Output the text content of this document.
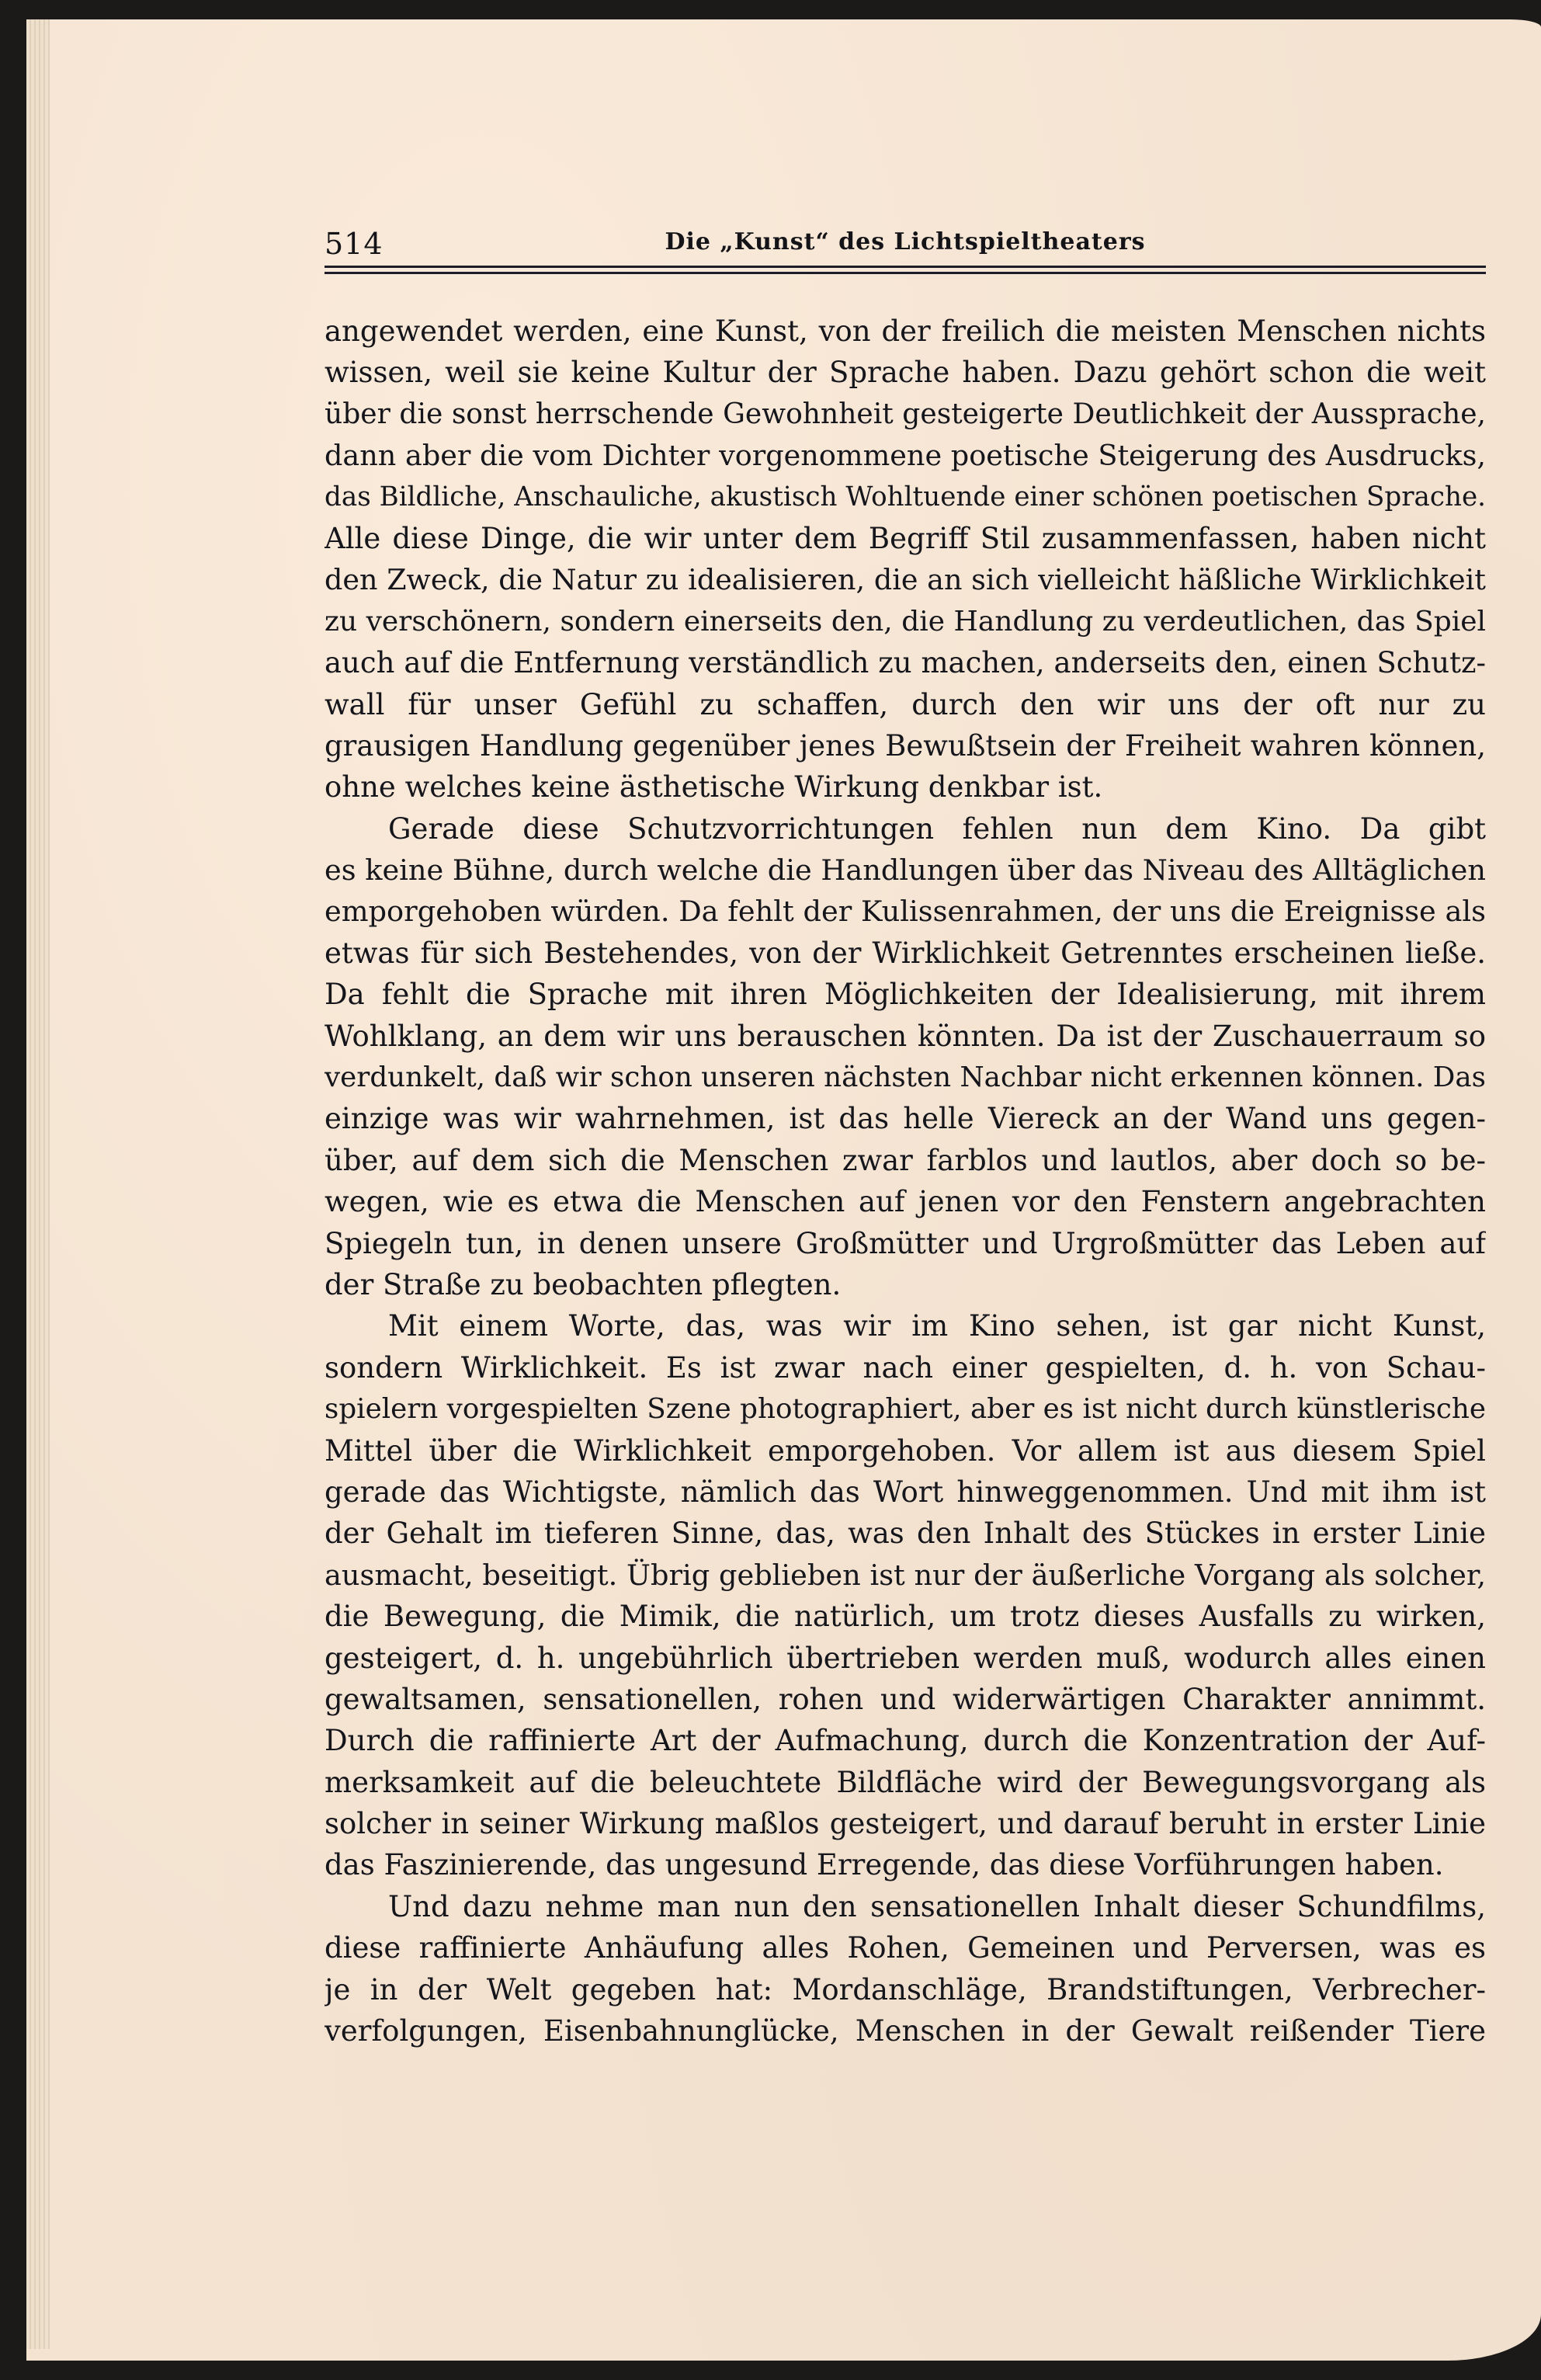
514	Die „Kunst“ des Lichtspieltheaters
angewendet werden, eine Kunst, von der freilich die meisten Menschen nichts
wissen, weil sie keine Kultur der Sprache haben. Dazu gehört schon die weit
über die sonst herrschende Gewohnheit gesteigerte Deutlichkeit der Aussprache,
dann aber die vom Dichter vorgenommene poetische Steigerung des Ausdrucks,
das Bildliche, Anschauliche, akustisch Wohltuende einer schönen poetischen Sprache.
Alle diese Dinge, die wir unter dem Begriff Stil zusammenfassen, haben nicht
den Zweck, die Natur zu idealisieren, die an sich vielleicht häßliche Wirklichkeit
zu verschönern, sondern einerseits den, die Handlung zu verdeutlichen, das Spiel
auch auf die Entfernung verständlich zu machen, anderseits den, einen Schutz-
wall für unser Gefühl zu schaffen, durch den wir uns der oft nur zu
grausigen Handlung gegenüber jenes Bewußtsein der Freiheit wahren können,
ohne welches keine ästhetische Wirkung denkbar ist.
Gerade diese Schutzvorrichtungen fehlen nun dem Kino. Da gibt
es keine Bühne, durch welche die Handlungen über das Niveau des Alltäglichen
emporgehoben würden. Da fehlt der Kulissenrahmen, der uns die Ereignisse als
etwas für sich Bestehendes, von der Wirklichkeit Getrenntes erscheinen ließe.
Da fehlt die Sprache mit ihren Möglichkeiten der Idealisierung, mit ihrem
Wohlklang, an dem wir uns berauschen könnten. Da ist der Zuschauerraum so
verdunkelt, daß wir schon unseren nächsten Nachbar nicht erkennen können. Das
einzige was wir wahrnehmen, ist das helle Viereck an der Wand uns gegen-
über, auf dem sich die Menschen zwar farblos und lautlos, aber doch so be-
wegen, wie es etwa die Menschen auf jenen vor den Fenstern angebrachten
Spiegeln tun, in denen unsere Großmütter und Urgroßmütter das Leben auf
der Straße zu beobachten pflegten.
Mit einem Worte, das, was wir im Kino sehen, ist gar nicht Kunst,
sondern Wirklichkeit. Es ist zwar nach einer gespielten, d. h. von Schau-
spielern vorgespielten Szene photographiert, aber es ist nicht durch künstlerische
Mittel über die Wirklichkeit emporgehoben. Vor allem ist aus diesem Spiel
gerade das Wichtigste, nämlich das Wort hinweggenommen. Und mit ihm ist
der Gehalt im tieferen Sinne, das, was den Inhalt des Stückes in erster Linie
ausmacht, beseitigt. Übrig geblieben ist nur der äußerliche Vorgang als solcher,
die Bewegung, die Mimik, die natürlich, um trotz dieses Ausfalls zu wirken,
gesteigert, d. h. ungebührlich übertrieben werden muß, wodurch alles einen
gewaltsamen, sensationellen, rohen und widerwärtigen Charakter annimmt.
Durch die raffinierte Art der Aufmachung, durch die Konzentration der Auf-
merksamkeit auf die beleuchtete Bildfläche wird der Bewegungsvorgang als
solcher in seiner Wirkung maßlos gesteigert, und darauf beruht in erster Linie
das Faszinierende, das ungesund Erregende, das diese Vorführungen haben.
Und dazu nehme man nun den sensationellen Inhalt dieser Schundfilms,
diese raffinierte Anhäufung alles Rohen, Gemeinen und Perversen, was es
je in der Welt gegeben hat: Mordanschläge, Brandstiftungen, Verbrecher-
verfolgungen, Eisenbahnunglücke, Menschen in der Gewalt reißender Tiere
